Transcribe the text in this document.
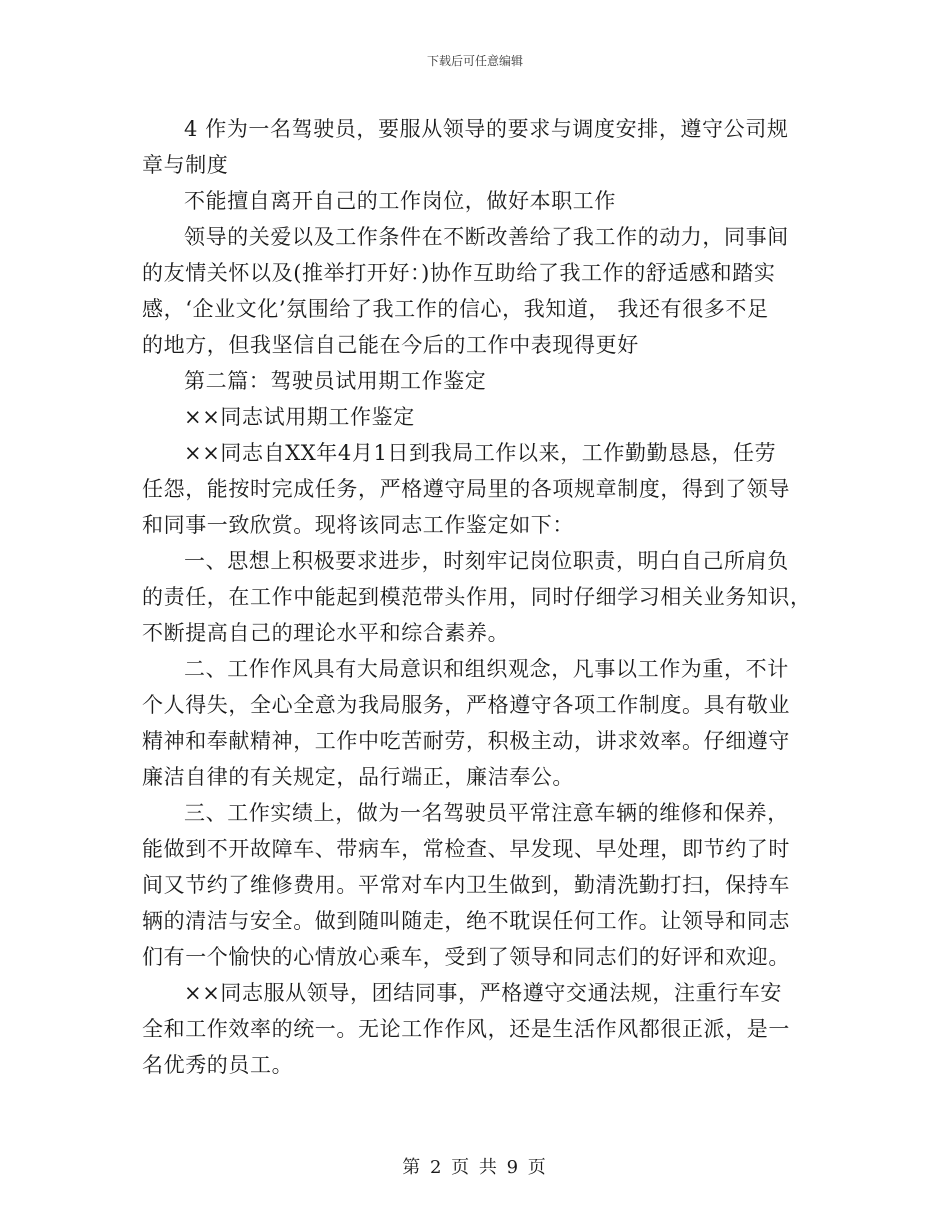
下载后可任意编辑

4 作为一名驾驶员，要服从领导的要求与调度安排，遵守公司规
章与制度

不能擅自离开自己的工作岗位，做好本职工作

领导的关爱以及工作条件在不断改善给了我工作的动力，同事间
的友情关怀以及(推举打开好：)协作互助给了我工作的舒适感和踏实
感，‘企业文化’氛围给了我工作的信心，我知道， 我还有很多不足
的地方，但我坚信自己能在今后的工作中表现得更好

第二篇：驾驶员试用期工作鉴定

××同志试用期工作鉴定

××同志自XX年4月1日到我局工作以来，工作勤勤恳恳，任劳
任怨，能按时完成任务，严格遵守局里的各项规章制度，得到了领导
和同事一致欣赏。现将该同志工作鉴定如下：

一、思想上积极要求进步，时刻牢记岗位职责，明白自己所肩负
的责任，在工作中能起到模范带头作用，同时仔细学习相关业务知识，
不断提高自己的理论水平和综合素养。

二、工作作风具有大局意识和组织观念，凡事以工作为重，不计
个人得失，全心全意为我局服务，严格遵守各项工作制度。具有敬业
精神和奉献精神，工作中吃苦耐劳，积极主动，讲求效率。仔细遵守
廉洁自律的有关规定，品行端正，廉洁奉公。

三、工作实绩上，做为一名驾驶员平常注意车辆的维修和保养，
能做到不开故障车、带病车，常检查、早发现、早处理，即节约了时
间又节约了维修费用。平常对车内卫生做到，勤清洗勤打扫，保持车
辆的清洁与安全。做到随叫随走，绝不耽误任何工作。让领导和同志
们有一个愉快的心情放心乘车，受到了领导和同志们的好评和欢迎。

××同志服从领导，团结同事，严格遵守交通法规，注重行车安
全和工作效率的统一。无论工作作风，还是生活作风都很正派，是一
名优秀的员工。

第 2 页 共 9 页
